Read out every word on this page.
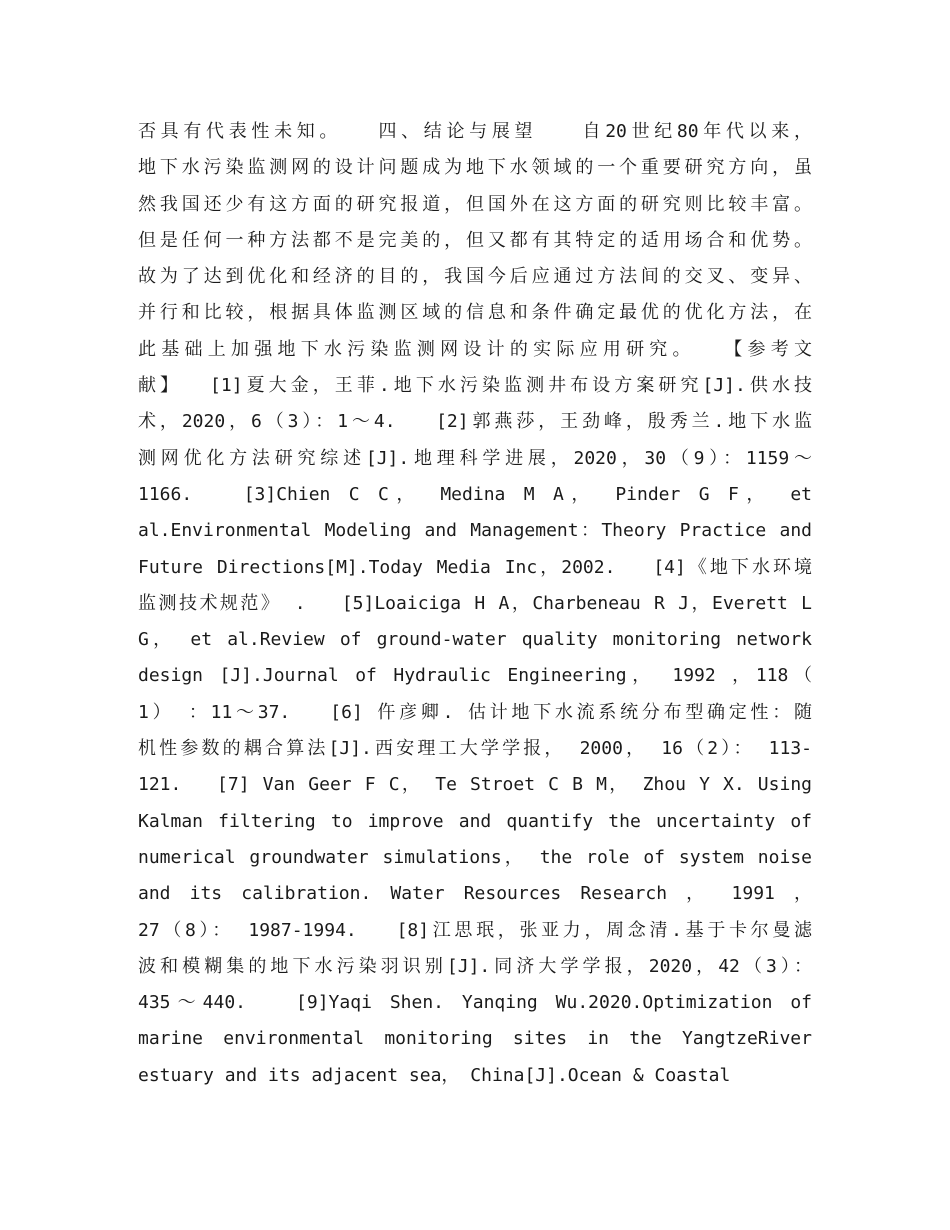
否具有代表性未知。　　四、结论与展望　　自20世纪80年代以来，
地下水污染监测网的设计问题成为地下水领域的一个重要研究方向，虽
然我国还少有这方面的研究报道，但国外在这方面的研究则比较丰富。
但是任何一种方法都不是完美的，但又都有其特定的适用场合和优势。
故为了达到优化和经济的目的，我国今后应通过方法间的交叉、变异、
并行和比较，根据具体监测区域的信息和条件确定最优的优化方法，在
此基础上加强地下水污染监测网设计的实际应用研究。　　【参考文
献】　 [1]夏大金，王菲.地下水污染监测井布设方案研究[J].供水技
术，2020，6（3）：1～4.　 [2]郭燕莎，王劲峰，殷秀兰.地下水监
测网优化方法研究综述[J].地理科学进展，2020，30（9）：1159～
1166.　 [3]Chien C C， Medina M A， Pinder G F， et
al.Environmental Modeling and Management：Theory Practice and
Future Directions[M].Today Media Inc，2002.　 [4]《地下水环境
监测技术规范》 .　 [5]Loaiciga H A，Charbeneau R J，Everett L
G， et al.Review of ground-water quality monitoring network
design [J].Journal of Hydraulic Engineering， 1992 ，118（
1） ：11～37.　 [6] 仵彦卿. 估计地下水流系统分布型确定性：随
机性参数的耦合算法[J].西安理工大学学报， 2000， 16（2）： 113-
121.　 [7] Van Geer F C， Te Stroet C B M， Zhou Y X. Using
Kalman filtering to improve and quantify the uncertainty of
numerical groundwater simulations， the role of system noise
and its calibration. Water Resources Research ， 1991 ，
27（8）： 1987-1994.　 [8]江思珉，张亚力，周念清.基于卡尔曼滤
波和模糊集的地下水污染羽识别[J].同济大学学报，2020，42（3）：
435～440.　 [9]Yaqi Shen. Yanqing Wu.2020.Optimization of
marine environmental monitoring sites in the YangtzeRiver
estuary and its adjacent sea， China[J].Ocean & Coastal
